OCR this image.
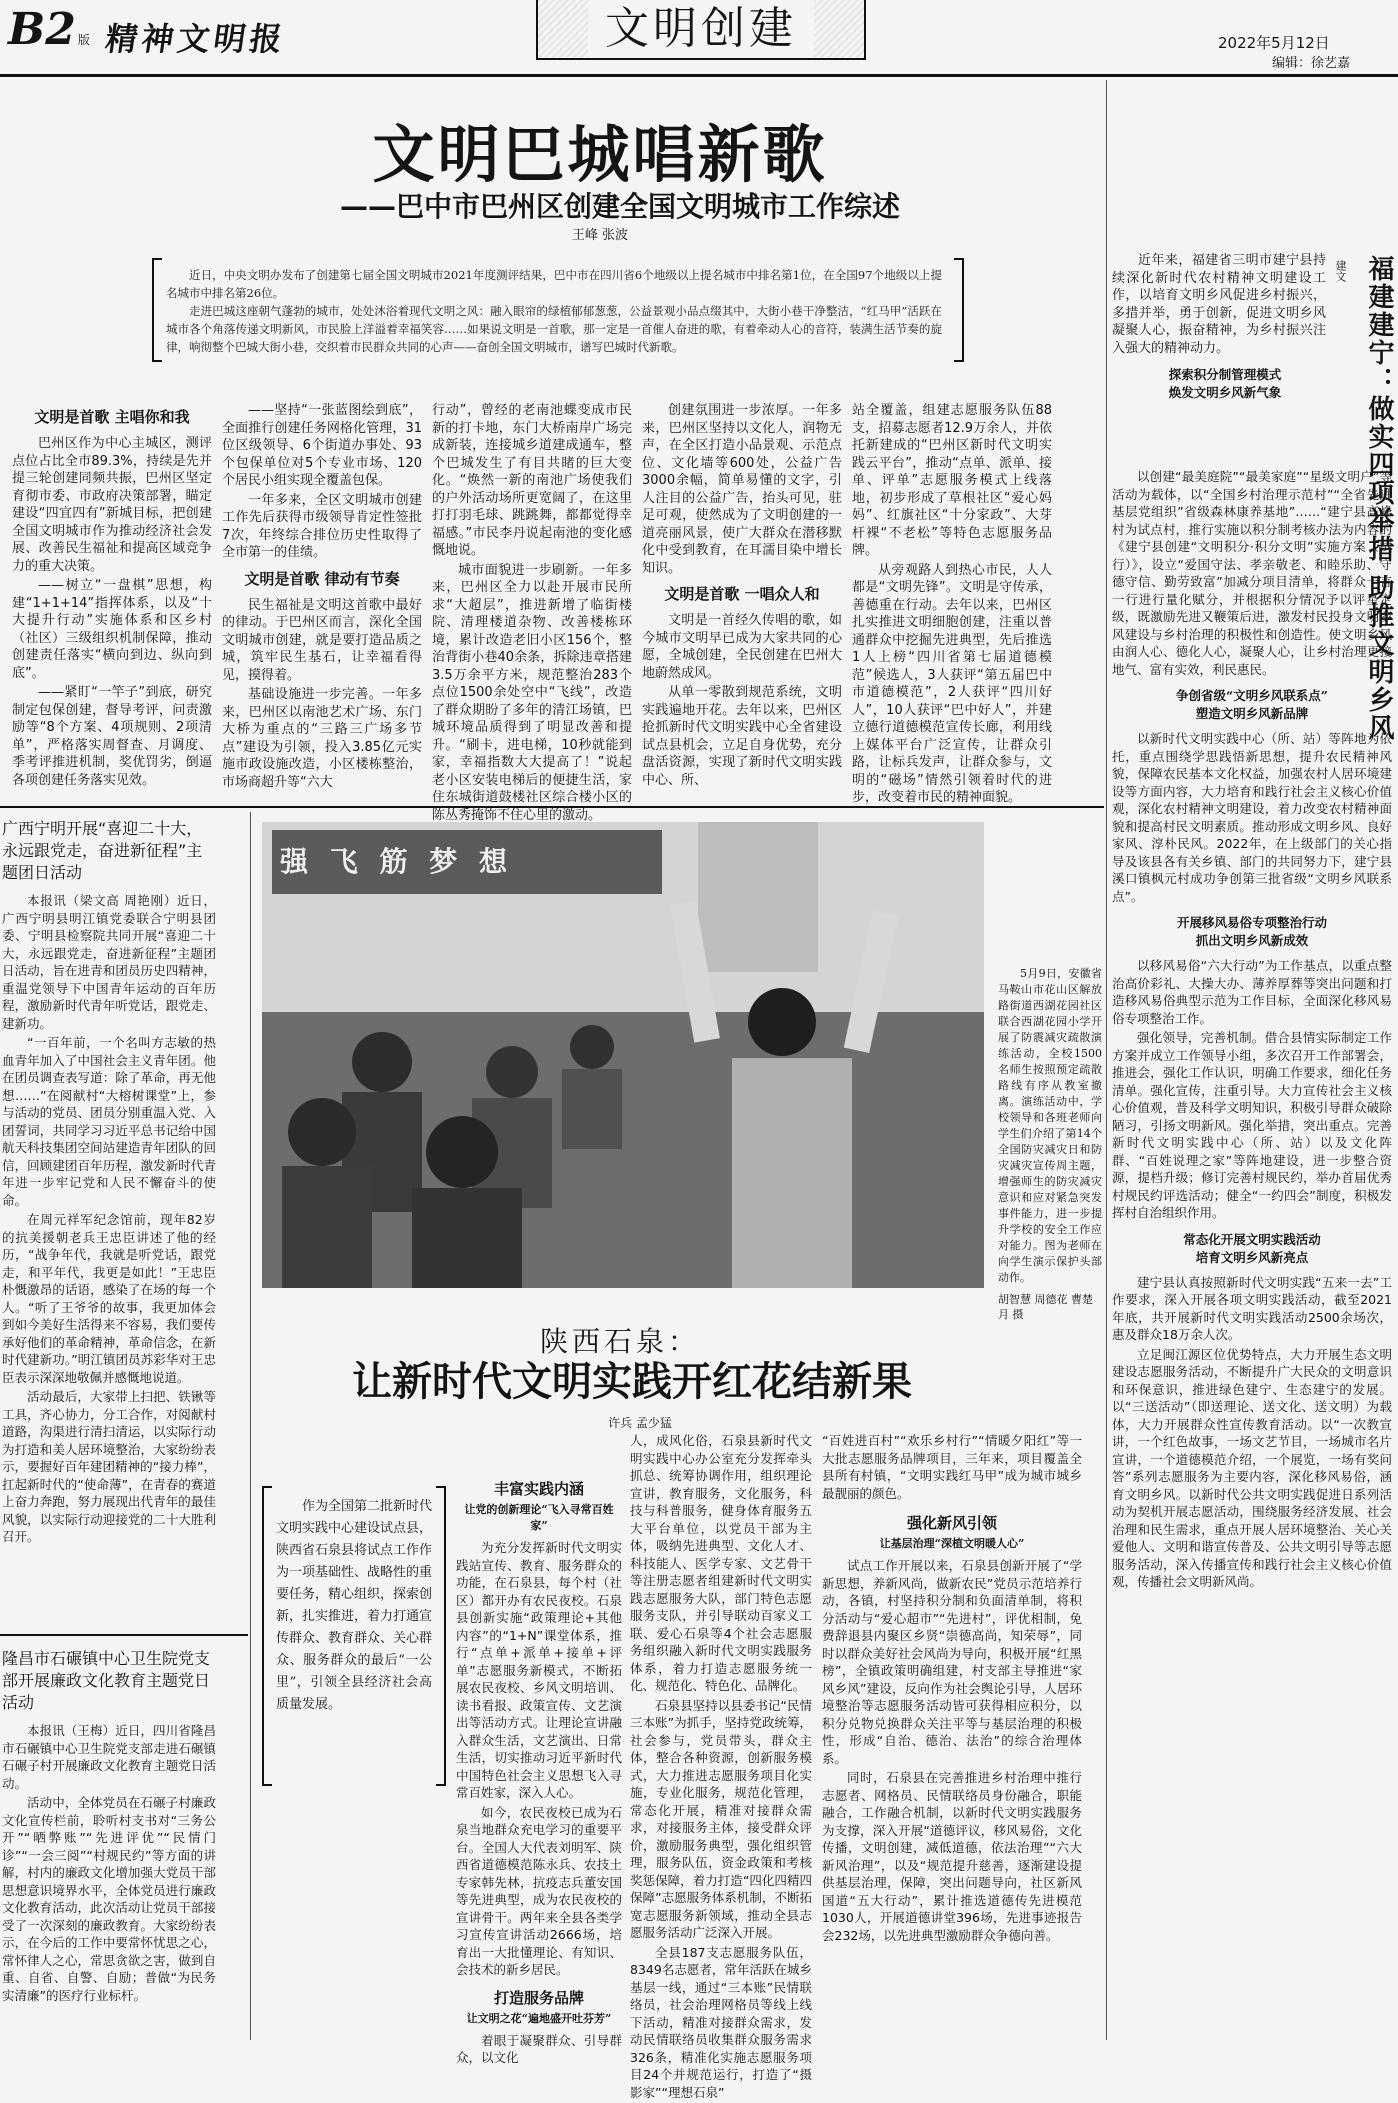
B2 版 精神文明报	文明创建	2022年5月12日
编辑：徐艺嘉
文明巴城唱新歌
——巴中市巴州区创建全国文明城市工作综述
王峰 张波

近日，中央文明办发布了创建第七届全国文明城市2021年度测评结果，巴中市在四川省6个地级以上提名城市中排名第1位，在全国97个地级以上提名城市中排名第26位。

走进巴城这座朝气蓬勃的城市，处处沐浴着现代文明之风：融入眼帘的绿植郁郁葱葱，公益景观小品点缀其中，大街小巷干净整洁，“红马甲”活跃在城市各个角落传递文明新风，市民脸上洋溢着幸福笑容……如果说文明是一首歌，那一定是一首催人奋进的歌，有着牵动人心的音符，装满生活节奏的旋律，响彻整个巴城大街小巷，交织着市民群众共同的心声——奋创全国文明城市，谱写巴城时代新歌。

文明是首歌 主唱你和我

巴州区作为中心主城区，测评点位占比全市89.3%，持续是先并提三轮创建同频共振，巴州区坚定育彻市委、市政府决策部署，瞄定建设“四宜四有”新城目标，把创建全国文明城市作为推动经济社会发展、改善民生福祉和提高区域竞争力的重大决策。

——树立“一盘棋”思想，构建“1+1+14”指挥体系，以及“十大提升行动”实施体系和区乡村（社区）三级组织机制保障，推动创建责任落实“横向到边、纵向到底”。

——紧盯“一竿子”到底，研究制定包保创建，督导考评，问责激励等“8个方案、4项规则、2项清单”，严格落实周督查、月调度、季考评推进机制，奖优罚劣，倒逼各项创建任务落实见效。

——坚持“一张蓝图绘到底”，全面推行创建任务网格化管理，31位区级领导、6个街道办事处、93个包保单位对5个专业市场、120个居民小组实现全覆盖包保。

一年多来，全区文明城市创建工作先后获得市级领导肯定性签批7次，年终综合排位历史性取得了全市第一的佳绩。

文明是首歌 律动有节奏

民生福祉是文明这首歌中最好的律动。于巴州区而言，深化全国文明城市创建，就是要打造品质之城，筑牢民生基石，让幸福看得见，摸得着。

基础设施进一步完善。一年多来，巴州区以南池艺术广场、东门大桥为重点的“三路三广场多节点”建设为引领，投入3.85亿元实施市政设施改造，小区楼栋整治，市场商超升等“六大

行动”，曾经的老南池蝶变成市民新的打卡地，东门大桥南岸广场完成新装，连接城乡道建成通车，整个巴城发生了有目共睹的巨大变化。“焕然一新的南池广场使我们的户外活动场所更宽阔了，在这里打打羽毛球、跳跳舞，都都觉得幸福感。”市民李丹说起南池的变化感慨地说。

城市面貌进一步刷新。一年多来，巴州区全力以赴开展市民所求“大超层”，推进新增了临街楼院、清理楼道杂物、改善楼栋环境，累计改造老旧小区156个，整治背街小巷40余条，拆除违章搭建3.5万余平方米，规范整治283个点位1500余处空中“飞线”，改造了群众期盼了多年的清江场镇，巴城环境品质得到了明显改善和提升。“刷卡，进电梯，10秒就能到家，幸福指数大大提高了！”说起老小区安装电梯后的便捷生活，家住东城街道鼓楼社区综合楼小区的陈丛秀掩饰不住心里的激动。

创建氛围进一步浓厚。一年多来，巴州区坚持以文化人，润物无声，在全区打造小品景观、示范点位、文化墙等600处，公益广告3000余幅，简单易懂的文字，引人注目的公益广告，抬头可见，驻足可观，使然成为了文明创建的一道亮丽风景，使广大群众在潜移默化中受到教育，在耳濡目染中增长知识。

文明是首歌 一唱众人和

文明是一首经久传唱的歌，如今城市文明早已成为大家共同的心愿，全城创建，全民创建在巴州大地蔚然成风。

从单一零散到规范系统，文明实践遍地开花。去年以来，巴州区抢抓新时代文明实践中心全省建设试点县机会，立足自身优势，充分盘活资源，实现了新时代文明实践中心、所、

站全覆盖，组建志愿服务队伍88支，招募志愿者12.9万余人，并依托新建成的“巴州区新时代文明实践云平台”，推动“点单、派单、接单、评单”志愿服务模式上线落地，初步形成了草根社区“爱心妈妈”、红旗社区“十分家政”、大芽杆裸“不老松”等特色志愿服务品牌。

从旁观路人到热心市民，人人都是“文明先锋”。文明是守传承，善德重在行动。去年以来，巴州区扎实推进文明细胞创建，注重以普通群众中挖掘先进典型，先后推选1人上榜“四川省第七届道德模范”候选人，3人获评“第五届巴中市道德模范”，2人获评“四川好人”，10人获评“巴中好人”，并建立德行道德模范宣传长廊，利用线上媒体平台广泛宣传，让群众引路，让标兵发声，让群众参与，文明的“磁场”情然引领着时代的进步，改变着市民的精神面貌。

福建建宁：做实四项举措 助推文明乡风
建文

近年来，福建省三明市建宁县持续深化新时代农村精神文明建设工作，以培育文明乡风促进乡村振兴，多措并举，勇于创新，促进文明乡风凝聚人心，振奋精神，为乡村振兴注入强大的精神动力。

探索积分制管理模式
焕发文明乡风新气象

以创建“最美庭院”“最美家庭”“星级文明户”等活动为载体，以“全国乡村治理示范村”“全省先进基层党组织”省级森林康养基地”……“建宁县高峰村为试点村，推行实施以积分制考核办法为内容的《建宁县创建“文明积分·积分文明”实施方案（试行）》，设立“爱国守法、孝亲敬老、和睦乐助、守德守信、勤劳致富”加减分项目清单，将群众一言一行进行量化赋分，并根据积分情况予以评星定级，既激励先进又鞭策后进，激发村民投身文明乡风建设与乡村治理的积极性和创造性。使文明乡风由润人心、德化人心，凝聚人心，让乡村治理更接地气、富有实效，利民惠民。

争创省级“文明乡风联系点”
塑造文明乡风新品牌

以新时代文明实践中心（所、站）等阵地为依托，重点围绕学思践悟新思想，提升农民精神风貌，保障农民基本文化权益，加强农村人居环境建设等方面内容，大力培育和践行社会主义核心价值观，深化农村精神文明建设，着力改变农村精神面貌和提高村民文明素质。推动形成文明乡风、良好家风、淳朴民风。2022年，在上级部门的关心指导及该县各有关乡镇、部门的共同努力下，建宁县溪口镇枫元村成功争创第三批省级“文明乡风联系点”。

开展移风易俗专项整治行动
抓出文明乡风新成效

以移风易俗“六大行动”为工作基点，以重点整治高价彩礼、大操大办、薄养厚葬等突出问题和打造移风易俗典型示范为工作目标，全面深化移风易俗专项整治工作。

强化领导，完善机制。借合县情实际制定工作方案并成立工作领导小组，多次召开工作部署会，推进会，强化工作认识，明确工作要求，细化任务清单。强化宣传，注重引导。大力宣传社会主义核心价值观，普及科学文明知识，积极引导群众破除陋习，引扬文明新风。强化举措，突出重点。完善新时代文明实践中心（所、站）以及文化阵群、“百姓说理之家”等阵地建设，进一步整合资源，提档升级；修订完善村规民约，举办首届优秀村规民约评选活动；健全“一约四会”制度，积极发挥村自治组织作用。

常态化开展文明实践活动
培育文明乡风新亮点

建宁县认真按照新时代文明实践“五来一去”工作要求，深入开展各项文明实践活动，截至2021年底，共开展新时代文明实践活动2500余场次，惠及群众18万余人次。

立足闽江源区位优势特点，大力开展生态文明建设志愿服务活动，不断提升广大民众的文明意识和环保意识，推进绿色建宁、生态建宁的发展。以“三送活动”（即送理论、送文化、送文明）为载体，大力开展群众性宣传教育活动。以“一次教宣讲，一个红色故事，一场文艺节目，一场城市名片宣讲，一个道德模范介绍，一个展览，一场有奖问答”系列志愿服务为主要内容，深化移风易俗，涵育文明乡风。以新时代公共文明实践促进日系列活动为契机开展志愿活动，围绕服务经济发展、社会治理和民生需求，重点开展人居环境整治、关心关爱他人、文明和谐宣传普及、公共文明引导等志愿服务活动，深入传播宣传和践行社会主义核心价值观，传播社会文明新风尚。

广西宁明开展“喜迎二十大，永远跟党走，奋进新征程”主题团日活动

本报讯（梁文高 周艳刚）近日，广西宁明县明江镇党委联合宁明县团委、宁明县检察院共同开展“喜迎二十大，永远跟党走，奋进新征程”主题团日活动，旨在进青和团员历史四精神，重温党领导下中国青年运动的百年历程，激励新时代青年听党话，跟党走、建新功。

“一百年前，一个名叫方志敏的热血青年加入了中国社会主义青年团。他在团员调查表写道：除了革命，再无他想……”在阅献村“大榕树课堂”上，参与活动的党员、团员分别重温入党、入团誓词，共同学习习近平总书记给中国航天科技集团空间站建造青年团队的回信，回顾建团百年历程，激发新时代青年进一步牢记党和人民不懈奋斗的使命。

在周元祥军纪念馆前，现年82岁的抗美援朝老兵王忠臣讲述了他的经历，“战争年代，我就是听党话，跟党走，和平年代，我更是如此！”王忠臣朴慨激昂的话语，感染了在场的每一个人。“听了王爷爷的故事，我更加体会到如今美好生活得来不容易，我们要传承好他们的革命精神，革命信念，在新时代建新功。”明江镇团员苏彩华对王忠臣表示深深地敬佩并感慨地说道。

活动最后，大家带上扫把、铁锹等工具，齐心协力，分工合作，对阅献村道路，沟渠进行清扫清运，以实际行动为打造和美人居环境整治，大家纷纷表示，要握好百年建团精神的“接力棒”，扛起新时代的“使命薄”，在青春的赛道上奋力奔跑，努力展现出代青年的最佳风貌，以实际行动迎接党的二十大胜利召开。

隆昌市石碾镇中心卫生院党支部开展廉政文化教育主题党日活动

本报讯（王梅）近日，四川省隆昌市石碾镇中心卫生院党支部走进石碾镇石碾子村开展廉政文化教育主题党日活动。

活动中，全体党员在石碾子村廉政文化宣传栏前，聆听村支书对“三务公开”“晒弊账”“先进评优”“民情门诊”“一会三阅”“村规民约”等方面的讲解，村内的廉政文化增加强大党员干部思想意识境界水平，全体党员进行廉政文化教育活动，此次活动让党员干部接受了一次深刻的廉政教育。大家纷纷表示，在今后的工作中要常怀忧思之心，常怀律人之心，常思贪欲之害，做到自重、自省、自警、自励；普做“为民务实清廉”的医疗行业标杆。

强 飞 筋 梦 想

5月9日，安徽省马鞍山市花山区解放路街道西湖花园社区联合西湖花园小学开展了防震减灾疏散演练活动，全校1500名师生按照预定疏散路线有序从教室撤离。演练活动中，学校领导和各班老师向学生们介绍了第14个全国防灾减灾日和防灾减灾宣传周主题，增强师生的防灾减灾意识和应对紧急突发事件能力，进一步提升学校的安全工作应对能力。图为老师在向学生演示保护头部动作。

胡智慧 周德花 曹楚月 摄
陕西石泉：
让新时代文明实践开红花结新果
许兵 孟少猛

作为全国第二批新时代文明实践中心建设试点县，陕西省石泉县将试点工作作为一项基础性、战略性的重要任务，精心组织，探索创新，扎实推进，着力打通宣传群众、教育群众、关心群众、服务群众的最后“一公里”，引领全县经济社会高质量发展。

丰富实践内涵
让党的创新理论“飞入寻常百姓家”

为充分发挥新时代文明实践站宣传、教育、服务群众的功能，在石泉县，每个村（社区）都开办有农民夜校。石泉县创新实施“政策理论+其他内容”的“1+N”课堂体系，推行“点单+派单+接单+评单”志愿服务新模式，不断拓展农民夜校、乡风文明培训、读书看报、政策宣传、文艺演出等活动方式。让理论宣讲融入群众生活，文艺演出、日常生活，切实推动习近平新时代中国特色社会主义思想飞入寻常百姓家，深入人心。

如今，农民夜校已成为石泉当地群众充电学习的重要平台。全国人大代表刘明军、陕西省道德模范陈永兵、农技土专家韩先林，抗疫志兵董安国等先进典型，成为农民夜校的宣讲骨干。两年来全县各类学习宣传宣讲活动2666场，培育出一大批懂理论、有知识、会技术的新乡居民。

打造服务品牌
让文明之花“遍地盛开吐芬芳”

着眼于凝聚群众、引导群众，以文化

人，成风化俗，石泉县新时代文明实践中心办公室充分发挥牵头抓总、统筹协调作用，组织理论宣讲，教育服务，文化服务，科技与科普服务，健身体育服务五大平台单位，以党员干部为主体，吸纳先进典型、文化人才、科技能人、医学专家、文艺骨干等注册志愿者组建新时代文明实践志愿服务大队，部门特色志愿服务支队，并引导联动百家义工联、爱心石泉等4个社会志愿服务组织融入新时代文明实践服务体系，着力打造志愿服务统一化、规范化、特色化、品牌化。

石泉县坚持以县委书记“民情三本账”为抓手，坚持党政统筹，社会参与，党员带头，群众主体，整合各种资源，创新服务模式，大力推进志愿服务项目化实施，专业化服务，规范化管理，常态化开展，精准对接群众需求，对接服务主体，接受群众评价，激励服务典型，强化组织管理，服务队伍，资金政策和考核奖惩保障，着力打造“四化四精四保障”志愿服务体系机制，不断拓宽志愿服务新领域，推动全县志愿服务活动广泛深入开展。

全县187支志愿服务队伍，8349名志愿者，常年活跃在城乡基层一线，通过“三本账”民情联络员，社会治理网格员等线上线下活动，精准对接群众需求，发动民情联络员收集群众服务需求326条，精准化实施志愿服务项目24个并规范运行，打造了“摄影家”“理想石泉”

“百姓进百村”“欢乐乡村行”“情暖夕阳红”等一大批志愿服务品牌项目，三年来，项目覆盖全县所有村镇，“文明实践红马甲”成为城市城乡最靓丽的颜色。

强化新风引领
让基层治理“深植文明暖人心”

试点工作开展以来，石泉县创新开展了“学新思想，养新风尚，做新农民”党员示范培养行动，各镇，村坚持积分制和负面清单制，将积分活动与“爱心超市”“先进村”，评优相制，免费辞退县内聚区乡贤“崇德高尚，知荣辱”，同时以群众美好社会风尚为导向，积极开展“红黑榜”，全镇政策明确组建，村支部主导推进“家风乡风”建设，反向作为社会舆论引导，人居环境整治等志愿服务活动皆可获得相应积分，以积分兑物兑换群众关注平等与基层治理的积极性，形成“自治、德治、法治”的综合治理体系。

同时，石泉县在完善推进乡村治理中推行志愿者、网格员、民情联络员身份融合，职能融合，工作融合机制，以新时代文明实践服务为支撑，深入开展“道德评议，移风易俗，文化传播，文明创建，减低道德，依法治理”“六大新风治理”，以及“规范提升慈善，逐渐建设提供基层治理，保障，突出问题导向，社区新风国道“五大行动”，累计推选道德传先进模范1030人，开展道德讲堂396场，先进事迹报告会232场，以先进典型激励群众争德向善。
